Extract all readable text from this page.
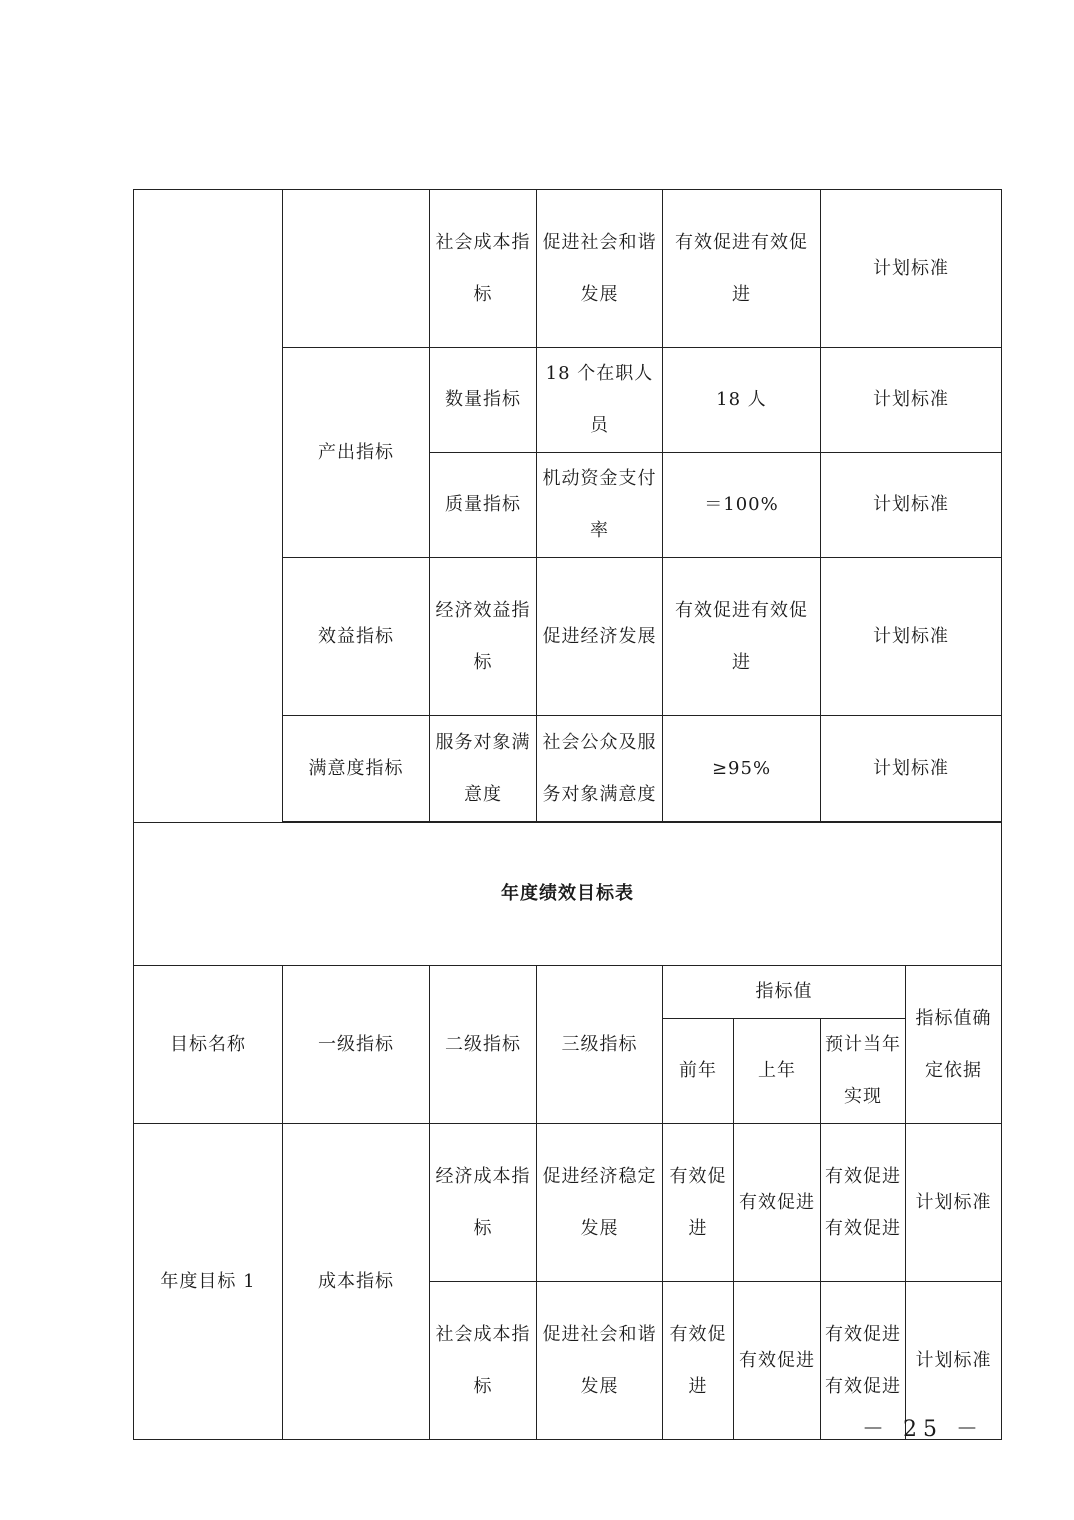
		社会成本指标	促进社会和谐发展	有效促进有效促进		计划标准	
	产出指标	数量指标	18 个在职人员	18 人		计划标准	
		质量指标	机动资金支付率	＝100%		计划标准	
	效益指标	经济效益指标	促进经济发展	有效促进有效促进		计划标准	
	满意度指标	服务对象满意度	社会公众及服务对象满意度	≥95%		计划标准	

年度绩效目标表							
目标名称	一级指标	二级指标	三级指标	指标值			指标值确定依据
				前年	上年	预计当年实现	
年度目标 1	成本指标	经济成本指标	促进经济稳定发展	有效促进	有效促进	有效促进有效促进	计划标准
		社会成本指标	促进社会和谐发展	有效促进	有效促进	有效促进有效促进	计划标准
－ 25 －
